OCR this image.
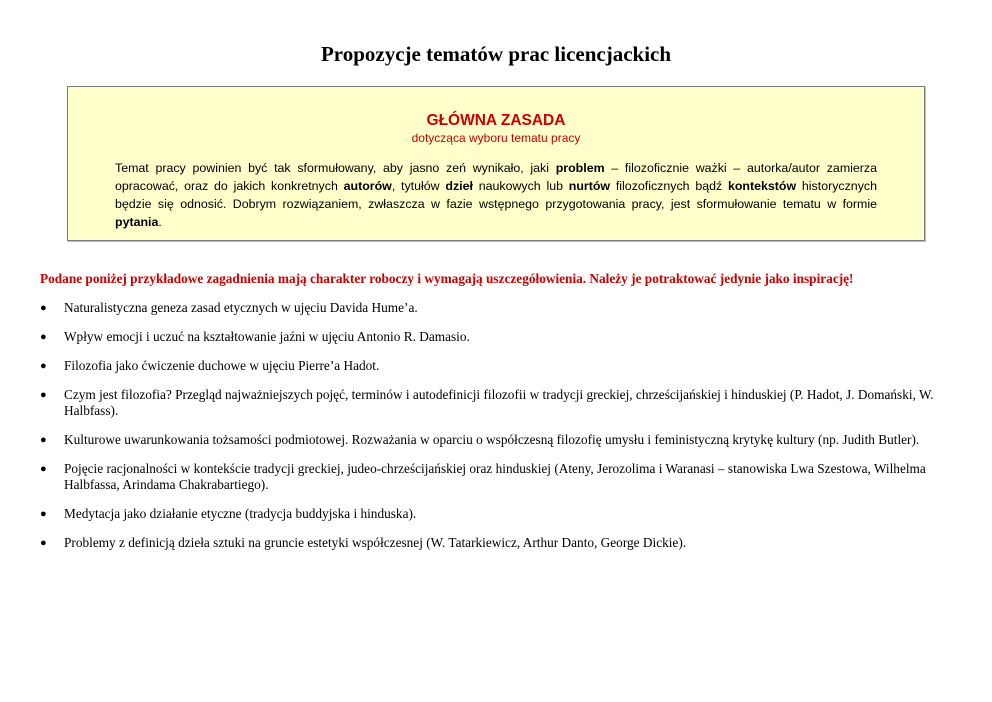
Propozycje tematów prac licencjackich
GŁÓWNA ZASADA
dotycząca wyboru tematu pracy

Temat pracy powinien być tak sformułowany, aby jasno zeń wynikało, jaki problem – filozoficznie ważki – autorka/autor zamierza opracować, oraz do jakich konkretnych autorów, tytułów dzieł naukowych lub nurtów filozoficznych bądź kontekstów historycznych będzie się odnosić. Dobrym rozwiązaniem, zwłaszcza w fazie wstępnego przygotowania pracy, jest sformułowanie tematu w formie pytania.

Podane poniżej przykładowe zagadnienia mają charakter roboczy i wymagają uszczegółowienia. Należy je potraktować jedynie jako inspirację!

● Naturalistyczna geneza zasad etycznych w ujęciu Davida Hume’a.
● Wpływ emocji i uczuć na kształtowanie jaźni w ujęciu Antonio R. Damasio.
● Filozofia jako ćwiczenie duchowe w ujęciu Pierre’a Hadot.
● Czym jest filozofia? Przegląd najważniejszych pojęć, terminów i autodefinicji filozofii w tradycji greckiej, chrześcijańskiej i hinduskiej (P. Hadot, J. Domański, W. Halbfass).
● Kulturowe uwarunkowania tożsamości podmiotowej. Rozważania w oparciu o współczesną filozofię umysłu i feministyczną krytykę kultury (np. Judith Butler).
● Pojęcie racjonalności w kontekście tradycji greckiej, judeo-chrześcijańskiej oraz hinduskiej (Ateny, Jerozolima i Waranasi – stanowiska Lwa Szestowa, Wilhelma Halbfassa, Arindama Chakrabartiego).
● Medytacja jako działanie etyczne (tradycja buddyjska i hinduska).
● Problemy z definicją dzieła sztuki na gruncie estetyki współczesnej (W. Tatarkiewicz, Arthur Danto, George Dickie).
